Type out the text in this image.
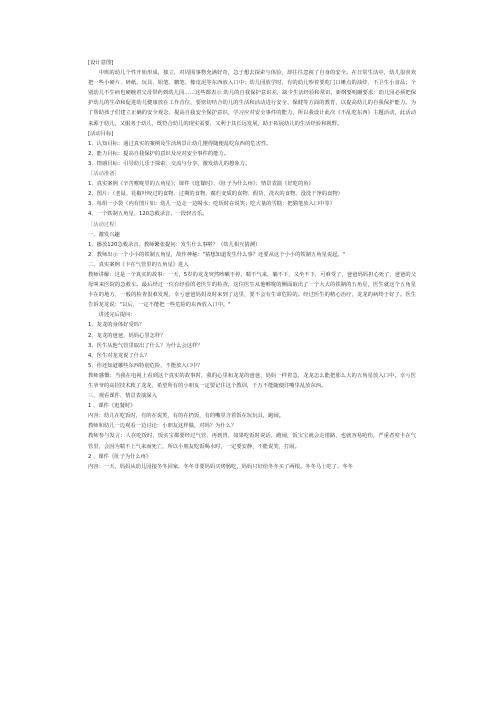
[设计意图]

中班的幼儿个性开始形成，独立，对周围事物充满好奇，急于想去探索与体验，却往往忽视了自身的安全。在日常生活中，幼儿很喜欢把一些小硬片、碎纸、玩具、铅笔、糖笔、橡皮泥等东西放入口中；幼儿园放学时，有的幼儿吵着要吃门口摊点的油炸、不卫生小食品；个别幼儿不生病也硬缠着父母带药到幼儿园……这些都表示 幼儿的自我保护意识差，缺少生活经验和常识，新纲要明确要求：幼儿园必须把保护幼儿的生命和促进幼儿健康放在工作首位，要密切结合幼儿的生活和活动进行安全、保健等方面的教育，以提高幼儿的自我保护能力。为了帮助孩子们建立正确的安全观念，提高自我安全保护意识，学习应对安全事件的能力，所以我设计此次《不乱吃东西》主题活动，此活动来源于幼儿，又服务于幼儿，既符合幼儿的现实需要，又利于其长远发展，助于拓展幼儿的生活经验和视野。

[活动目标]

1、认知目标：通过真实的案例及生活场景让幼儿懂得随便乱吃东西的危害性。

2、能力目标：提高自我保护的意识及应对安全事件的能力。

3、情感目标：引导幼儿乐于探索、交流与分享，激发幼儿的想象力。

［活动准备］

1、真实案例《辛苦喉咙里的五角星》；课件《逛餐时》、《肚子为什么疼》；情景表演《好吃的鱼》

2、图片：（老鼠、花椒叶咬过的食物、过期的食物、腐烂变质的食物、假货、洗衣的食物、没洗干净的食物）

3、每组一小袋（内有图片如：幼儿一边走一边喝水；吃饭时在说笑；吃大量的雪糕；把猫笔放入口中等）

4、一个铁制五角星、120急救录音、一段轻音乐。

［活动过程］

一、激发兴趣

1、播放120急救录音。教师繁张提问：发生什么事啦？（幼儿相互猜测）

2、教师出示一个小小的铁制五角星，故作神秘："猜想知道发生什么事？还要从这个小小的铁制五角星说起。"

二、真实案例《卡在气管里的五角星》进入

教师讲解：这是一个真实的故事：一天，5岁的龙龙突然咳嗽不停，喘不气来，躺不下，又坐不下，可难受了，爸爸妈妈担心死了，爸爸的父母叫来医院的急救车。最后经过一位有经验的老医生的检查，这位医生从他喉咙的侧面取出了一个大大的铁制的五角星，医生就这个五角星卡在的地方，一般的检查很难发现，幸亏爸爸妈妈及时来到了这里，要不会有生命危险的。经过医生的精心治疗，龙龙的病终于好了。医生告诉龙龙说："以后，一定不能把一些危险的东西放入口中。"

讲述完后提问：

1、龙龙的身体好受吗？

2、龙龙的爸爸，妈妈心里怎样？

3、医生从他气管里取出了什么？为什么会这样？

4、医生对龙龙说了什么？

5、你还知道哪些东西特别危险，不能放入口中？

教师感慨：当我在电视上看到这个真实的故事时，我的心里和龙龙的爸爸、妈妈一样着急，龙龙怎么能把那么大的五角星放入口中，幸亏医生爷爷的高招技术救了龙龙，希望所有的小朋友一定要记住这个教训，千万不能随便往嘴里乱放东西。

三、观看课件、情景表演深入

1 、课件《逛餐时》

内容：幼儿在吃饭时，有的在说笑，有的在扔饭，有的嘴里含着饭在玩玩具，跑闹。

教师和幼儿一边观看一边讨论：小朋友这样做，对吗？为什么？

教师参与发言：人在吃饭时，饭实宝都要经过气管，再到胃，如果吃饭时说话，跑闹，饭宝宝就会走错路，也就容易呛伤，严重者窒卡在气管里，会因为喘不上气来而死亡，所以小朋友吃饭喝水时，一定要安静，不能说笑，打闹。

2 、课件《肚子为什么疼》

内容：一天，妈妈从幼儿园接冬冬回家，冬冬非要妈妈买烤肠吃，妈妈只好给冬冬买了两根。冬冬马上吃了。冬冬
